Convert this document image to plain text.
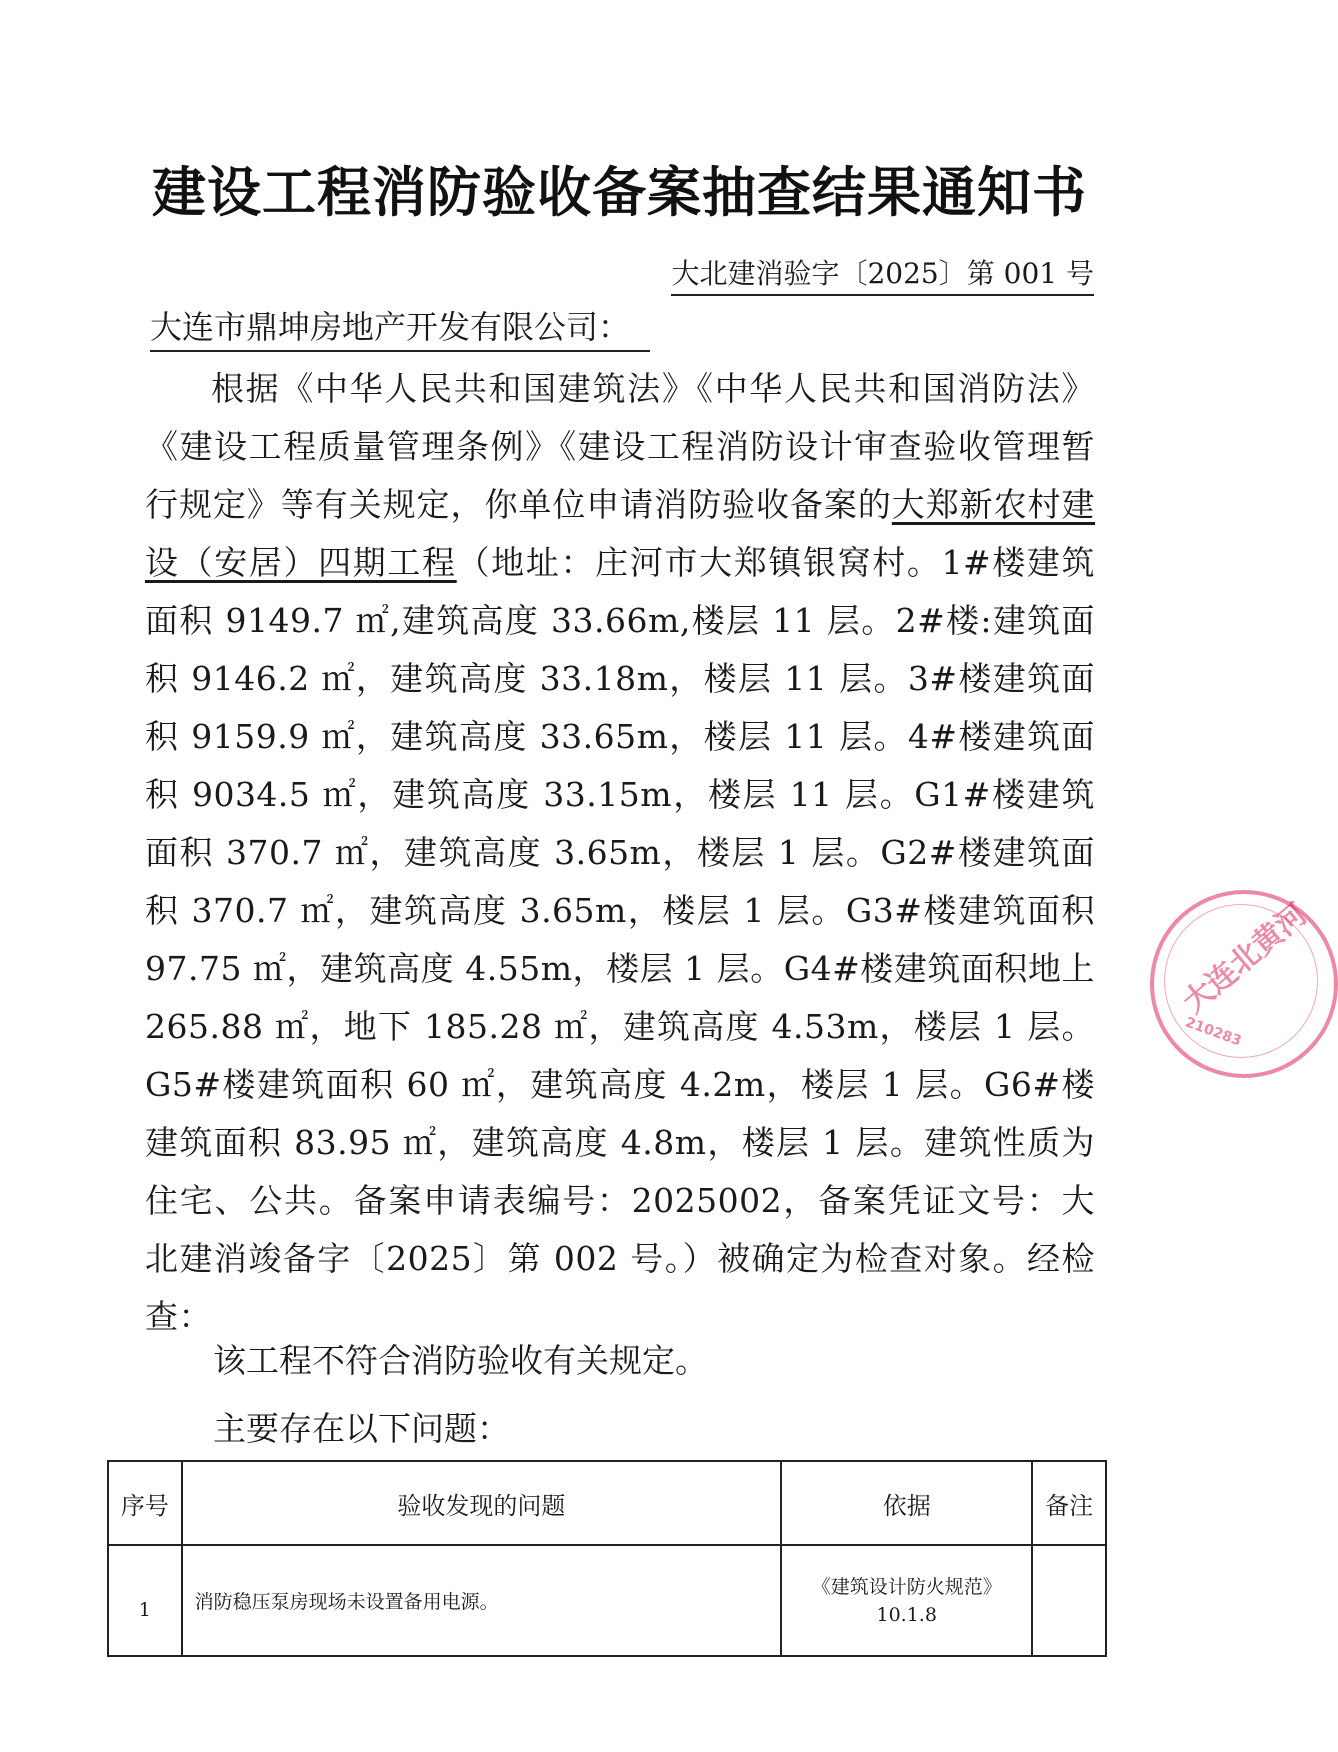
建设工程消防验收备案抽查结果通知书
大北建消验字〔2025〕第 001 号
大连市鼎坤房地产开发有限公司：

根据《中华人民共和国建筑法》《中华人民共和国消防法》《建设工程质量管理条例》《建设工程消防设计审查验收管理暂行规定》等有关规定，你单位申请消防验收备案的大郑新农村建设（安居）四期工程（地址：庄河市大郑镇银窝村。1#楼建筑面积 9149.7 ㎡,建筑高度 33.66m,楼层 11 层。2#楼:建筑面积 9146.2 ㎡，建筑高度 33.18m，楼层 11 层。3#楼建筑面积 9159.9 ㎡，建筑高度 33.65m，楼层 11 层。4#楼建筑面积 9034.5 ㎡，建筑高度 33.15m，楼层 11 层。G1#楼建筑面积 370.7 ㎡，建筑高度 3.65m，楼层 1 层。G2#楼建筑面积 370.7 ㎡，建筑高度 3.65m，楼层 1 层。G3#楼建筑面积 97.75 ㎡，建筑高度 4.55m，楼层 1 层。G4#楼建筑面积地上 265.88 ㎡，地下 185.28 ㎡，建筑高度 4.53m，楼层 1 层。G5#楼建筑面积 60 ㎡，建筑高度 4.2m，楼层 1 层。G6#楼建筑面积 83.95 ㎡，建筑高度 4.8m，楼层 1 层。建筑性质为住宅、公共。备案申请表编号：2025002，备案凭证文号：大北建消竣备字〔2025〕第 002 号。）被确定为检查对象。经检查：

该工程不符合消防验收有关规定。
主要存在以下问题：
序号	验收发现的问题	依据	备注
1	消防稳压泵房现场未设置备用电源。	《建筑设计防火规范》
10.1.8	

大连北黄河
210283
